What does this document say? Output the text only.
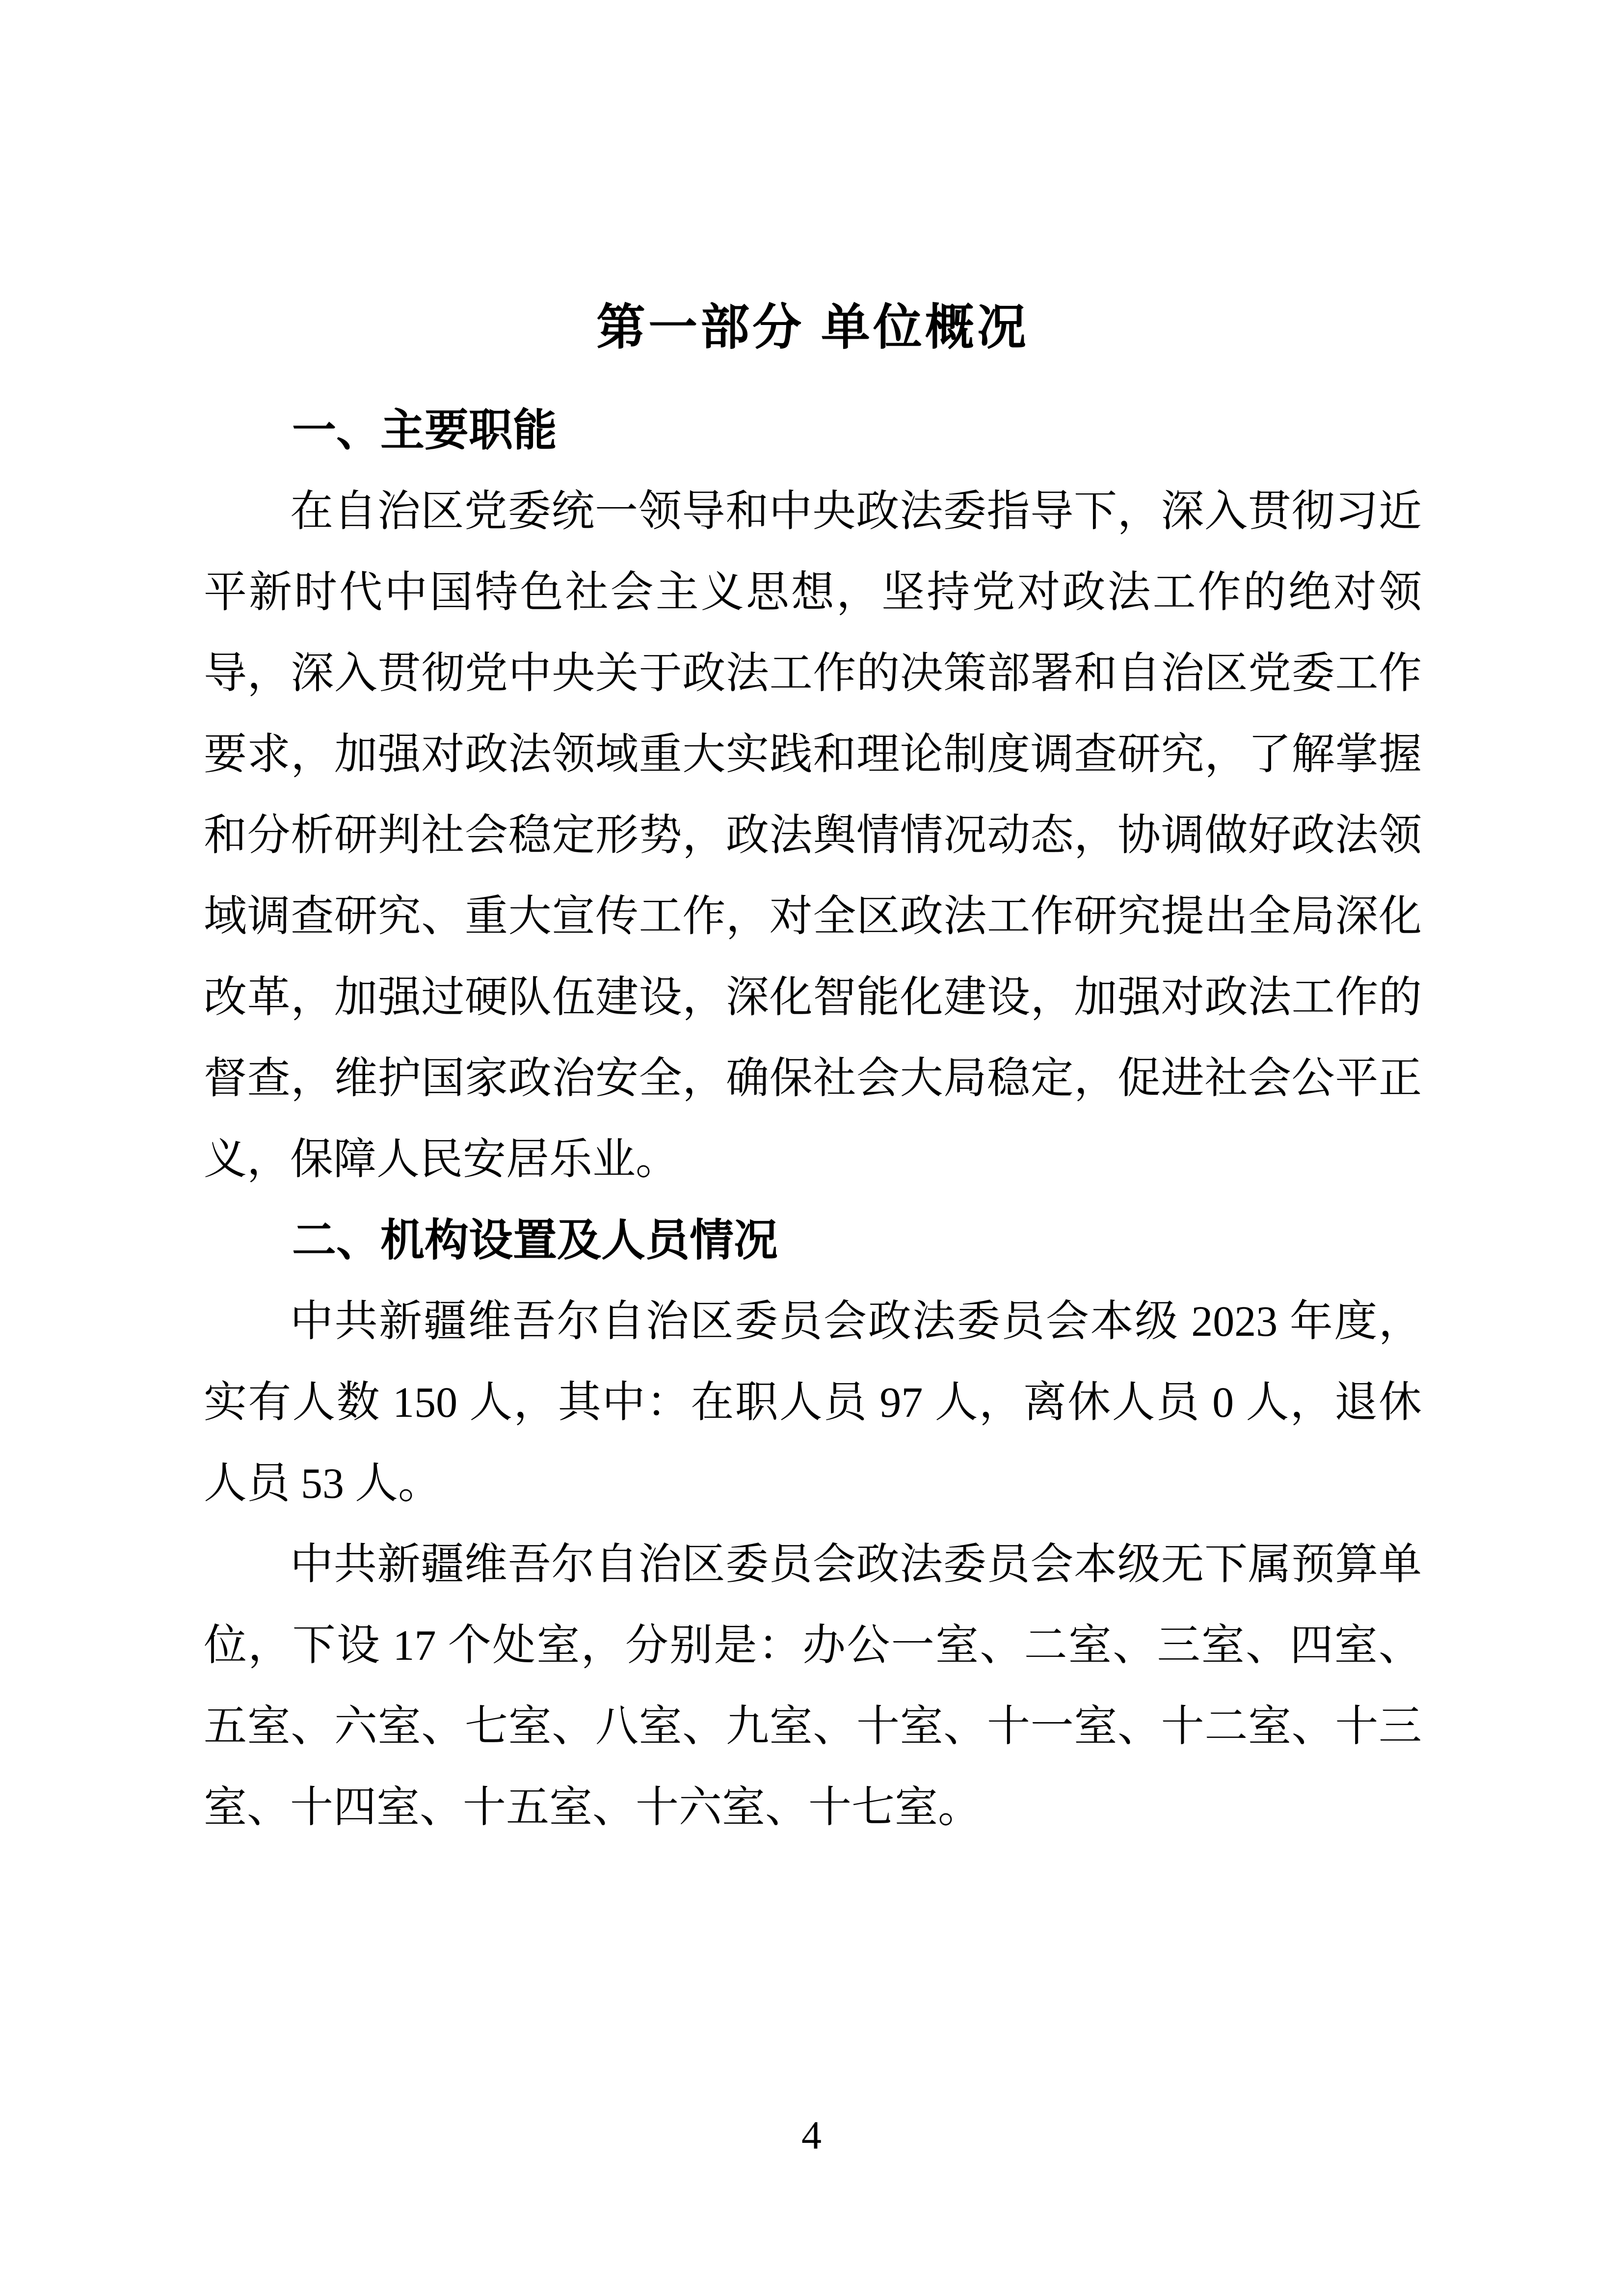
第一部分 单位概况
一、主要职能

在自治区党委统一领导和中央政法委指导下，深入贯彻习近平新时代中国特色社会主义思想，坚持党对政法工作的绝对领导，深入贯彻党中央关于政法工作的决策部署和自治区党委工作要求，加强对政法领域重大实践和理论制度调查研究，了解掌握和分析研判社会稳定形势，政法舆情情况动态，协调做好政法领域调查研究、重大宣传工作，对全区政法工作研究提出全局深化改革，加强过硬队伍建设，深化智能化建设，加强对政法工作的督查，维护国家政治安全，确保社会大局稳定，促进社会公平正义，保障人民安居乐业。

二、机构设置及人员情况

中共新疆维吾尔自治区委员会政法委员会本级 2023 年度，实有人数 150 人，其中：在职人员 97 人，离休人员 0 人，退休人员 53 人。

中共新疆维吾尔自治区委员会政法委员会本级无下属预算单位，下设 17 个处室，分别是：办公一室、二室、三室、四室、五室、六室、七室、八室、九室、十室、十一室、十二室、十三室、十四室、十五室、十六室、十七室。

4
